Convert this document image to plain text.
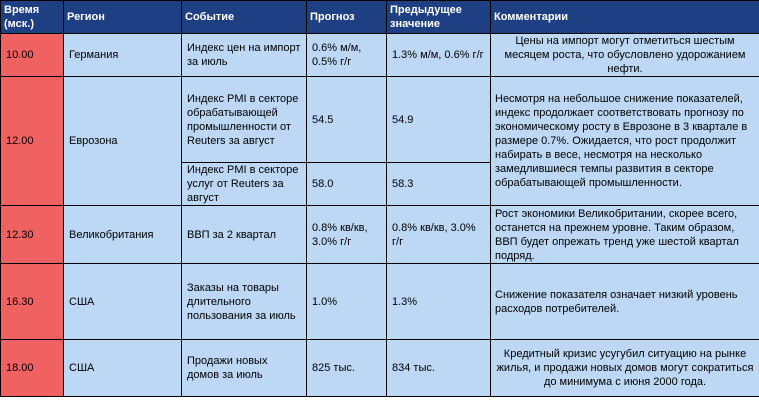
Время (мск.)	Регион	Событие	Прогноз	Предыдущее значение	Комментарии
10.00	Германия	Индекс цен на импорт за июль	0.6% м/м, 0.5% г/г	1.3% м/м, 0.6% г/г	Цены на импорт могут отметиться шестым месяцем роста, что обусловлено удорожанием нефти.
12.00	Еврозона	Индекс PMI в секторе обрабатывающей промышленности от Reuters за август	54.5	54.9	Несмотря на небольшое снижение показателей, индекс продолжает соответствовать прогнозу по экономическому росту в Еврозоне в 3 квартале в размере 0.7%. Ожидается, что рост продолжит набирать в весе, несмотря на несколько замедлившиеся темпы развития в секторе обрабатывающей промышленности.
		Индекс PMI в секторе услуг от Reuters за август	58.0	58.3	
12.30	Великобритания	ВВП за 2 квартал	0.8% кв/кв, 3.0% г/г	0.8% кв/кв, 3.0% г/г	Рост экономики Великобритании, скорее всего, останется на прежнем уровне. Таким образом, ВВП будет опрежать тренд уже шестой квартал подряд.
16.30	США	Заказы на товары длительного пользования за июль	1.0%	1.3%	Снижение показателя означает низкий уровень расходов потребителей.
18.00	США	Продажи новых домов за июль	825 тыс.	834 тыс.	Кредитный кризис усугубил ситуацию на рынке жилья, и продажи новых домов могут сократиться до минимума с июня 2000 года.
